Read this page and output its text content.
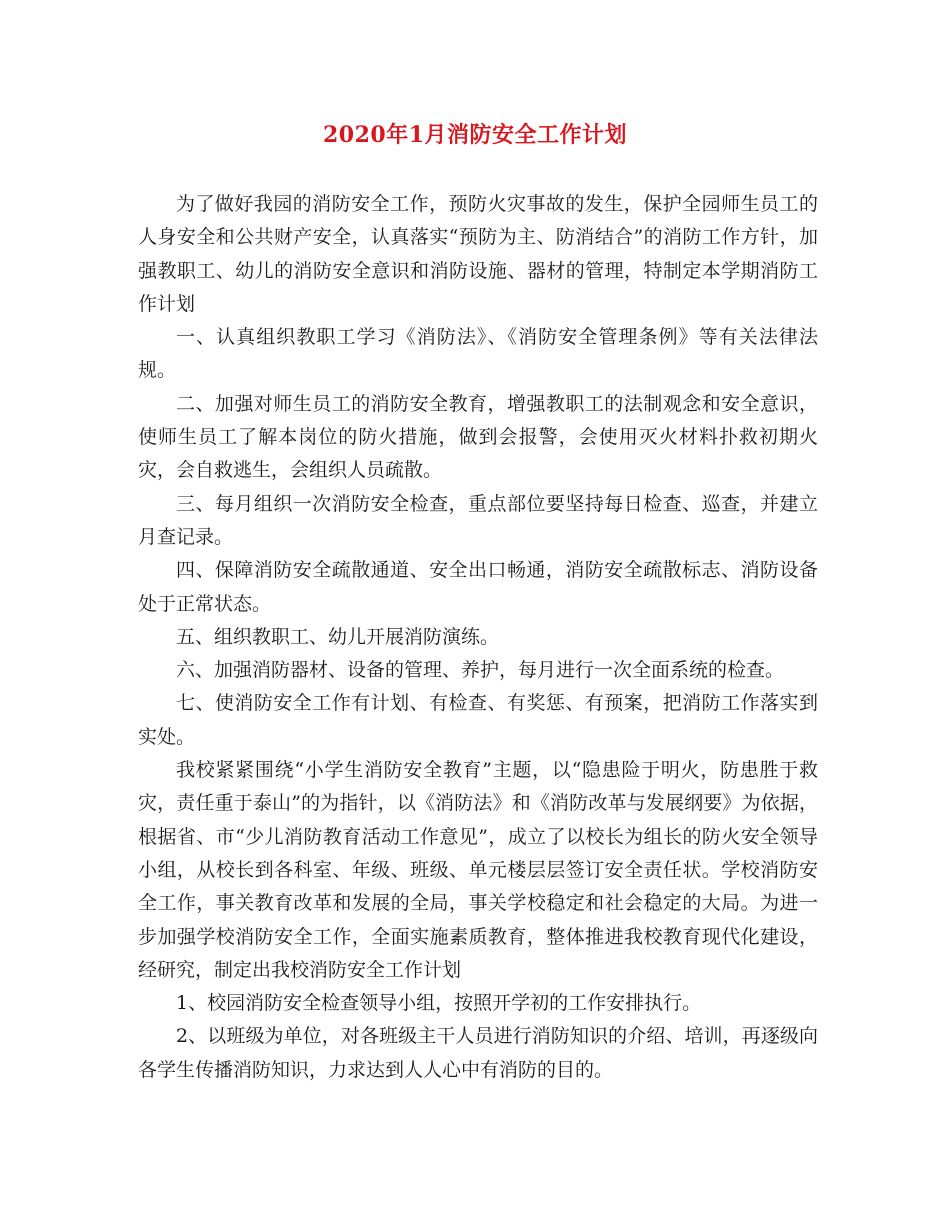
2020年1月消防安全工作计划

为了做好我园的消防安全工作，预防火灾事故的发生，保护全园师生员工的人身安全和公共财产安全，认真落实“预防为主、防消结合”的消防工作方针，加强教职工、幼儿的消防安全意识和消防设施、器材的管理，特制定本学期消防工作计划

一、认真组织教职工学习《消防法》、《消防安全管理条例》等有关法律法规。

二、加强对师生员工的消防安全教育，增强教职工的法制观念和安全意识，使师生员工了解本岗位的防火措施，做到会报警，会使用灭火材料扑救初期火灾，会自救逃生，会组织人员疏散。

三、每月组织一次消防安全检查，重点部位要坚持每日检查、巡查，并建立月查记录。

四、保障消防安全疏散通道、安全出口畅通，消防安全疏散标志、消防设备处于正常状态。

五、组织教职工、幼儿开展消防演练。

六、加强消防器材、设备的管理、养护，每月进行一次全面系统的检查。

七、使消防安全工作有计划、有检查、有奖惩、有预案，把消防工作落实到实处。

我校紧紧围绕“小学生消防安全教育”主题，以“隐患险于明火，防患胜于救灾，责任重于泰山”的为指针，以《消防法》和《消防改革与发展纲要》为依据，根据省、市“少儿消防教育活动工作意见”，成立了以校长为组长的防火安全领导小组，从校长到各科室、年级、班级、单元楼层层签订安全责任状。学校消防安全工作，事关教育改革和发展的全局，事关学校稳定和社会稳定的大局。为进一步加强学校消防安全工作，全面实施素质教育，整体推进我校教育现代化建设，经研究，制定出我校消防安全工作计划

1、校园消防安全检查领导小组，按照开学初的工作安排执行。

2、以班级为单位，对各班级主干人员进行消防知识的介绍、培训，再逐级向各学生传播消防知识，力求达到人人心中有消防的目的。
